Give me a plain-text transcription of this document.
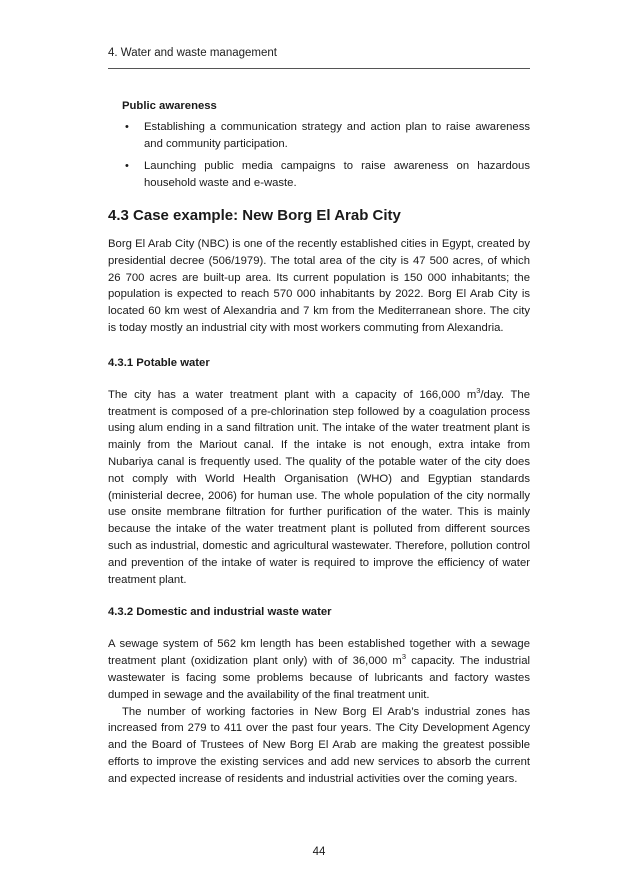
4. Water and waste management
Public awareness
• Establishing a communication strategy and action plan to raise awareness and community participation.
• Launching public media campaigns to raise awareness on hazardous household waste and e-waste.
4.3 Case example: New Borg El Arab City

Borg El Arab City (NBC) is one of the recently established cities in Egypt, created by presidential decree (506/1979). The total area of the city is 47 500 acres, of which 26 700 acres are built-up area. Its current population is 150 000 inhabitants; the population is expected to reach 570 000 inhabitants by 2022. Borg El Arab City is located 60 km west of Alexandria and 7 km from the Mediterranean shore. The city is today mostly an industrial city with most workers commuting from Alexandria.

4.3.1 Potable water

The city has a water treatment plant with a capacity of 166,000 $m^3$/day. The treatment is composed of a pre-chlorination step followed by a coagulation process using alum ending in a sand filtration unit. The intake of the water treatment plant is mainly from the Mariout canal. If the intake is not enough, extra intake from Nubariya canal is frequently used. The quality of the potable water of the city does not comply with World Health Organisation (WHO) and Egyptian standards (ministerial decree, 2006) for human use. The whole population of the city normally use onsite membrane filtration for further purification of the water. This is mainly because the intake of the water treatment plant is polluted from different sources such as industrial, domestic and agricultural wastewater. Therefore, pollution control and prevention of the intake of water is required to improve the efficiency of water treatment plant.

4.3.2 Domestic and industrial waste water

A sewage system of 562 km length has been established together with a sewage treatment plant (oxidization plant only) with of 36,000 $m^3$ capacity. The industrial wastewater is facing some problems because of lubricants and factory wastes dumped in sewage and the availability of the final treatment unit.

The number of working factories in New Borg El Arab’s industrial zones has increased from 279 to 411 over the past four years. The City Development Agency and the Board of Trustees of New Borg El Arab are making the greatest possible efforts to improve the existing services and add new services to absorb the current and expected increase of residents and industrial activities over the coming years.

44
